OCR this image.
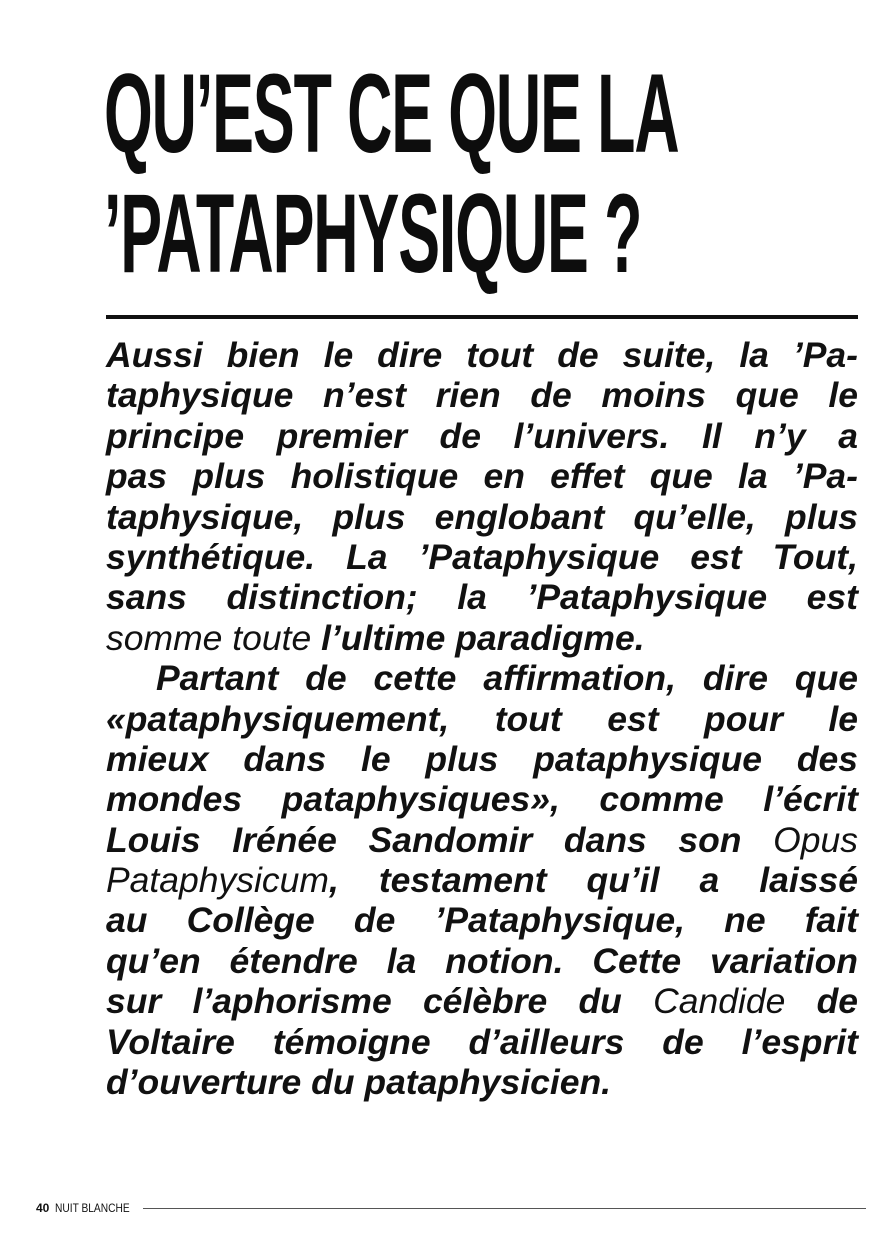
QU’EST CE QUE LA
’PATAPHYSIQUE ?
Aussi bien le dire tout de suite, la ’Pa-
taphysique n’est rien de moins que le
principe premier de l’univers. Il n’y a
pas plus holistique en effet que la ’Pa-
taphysique, plus englobant qu’elle, plus
synthétique. La ’Pataphysique est Tout,
sans distinction; la ’Pataphysique est
somme toute l’ultime paradigme.
Partant de cette affirmation, dire que
«pataphysiquement, tout est pour le
mieux dans le plus pataphysique des
mondes pataphysiques», comme l’écrit
Louis Irénée Sandomir dans son Opus
Pataphysicum, testament qu’il a laissé
au Collège de ’Pataphysique, ne fait
qu’en étendre la notion. Cette variation
sur l’aphorisme célèbre du Candide de
Voltaire témoigne d’ailleurs de l’esprit
d’ouverture du pataphysicien.
40 NUIT BLANCHE
